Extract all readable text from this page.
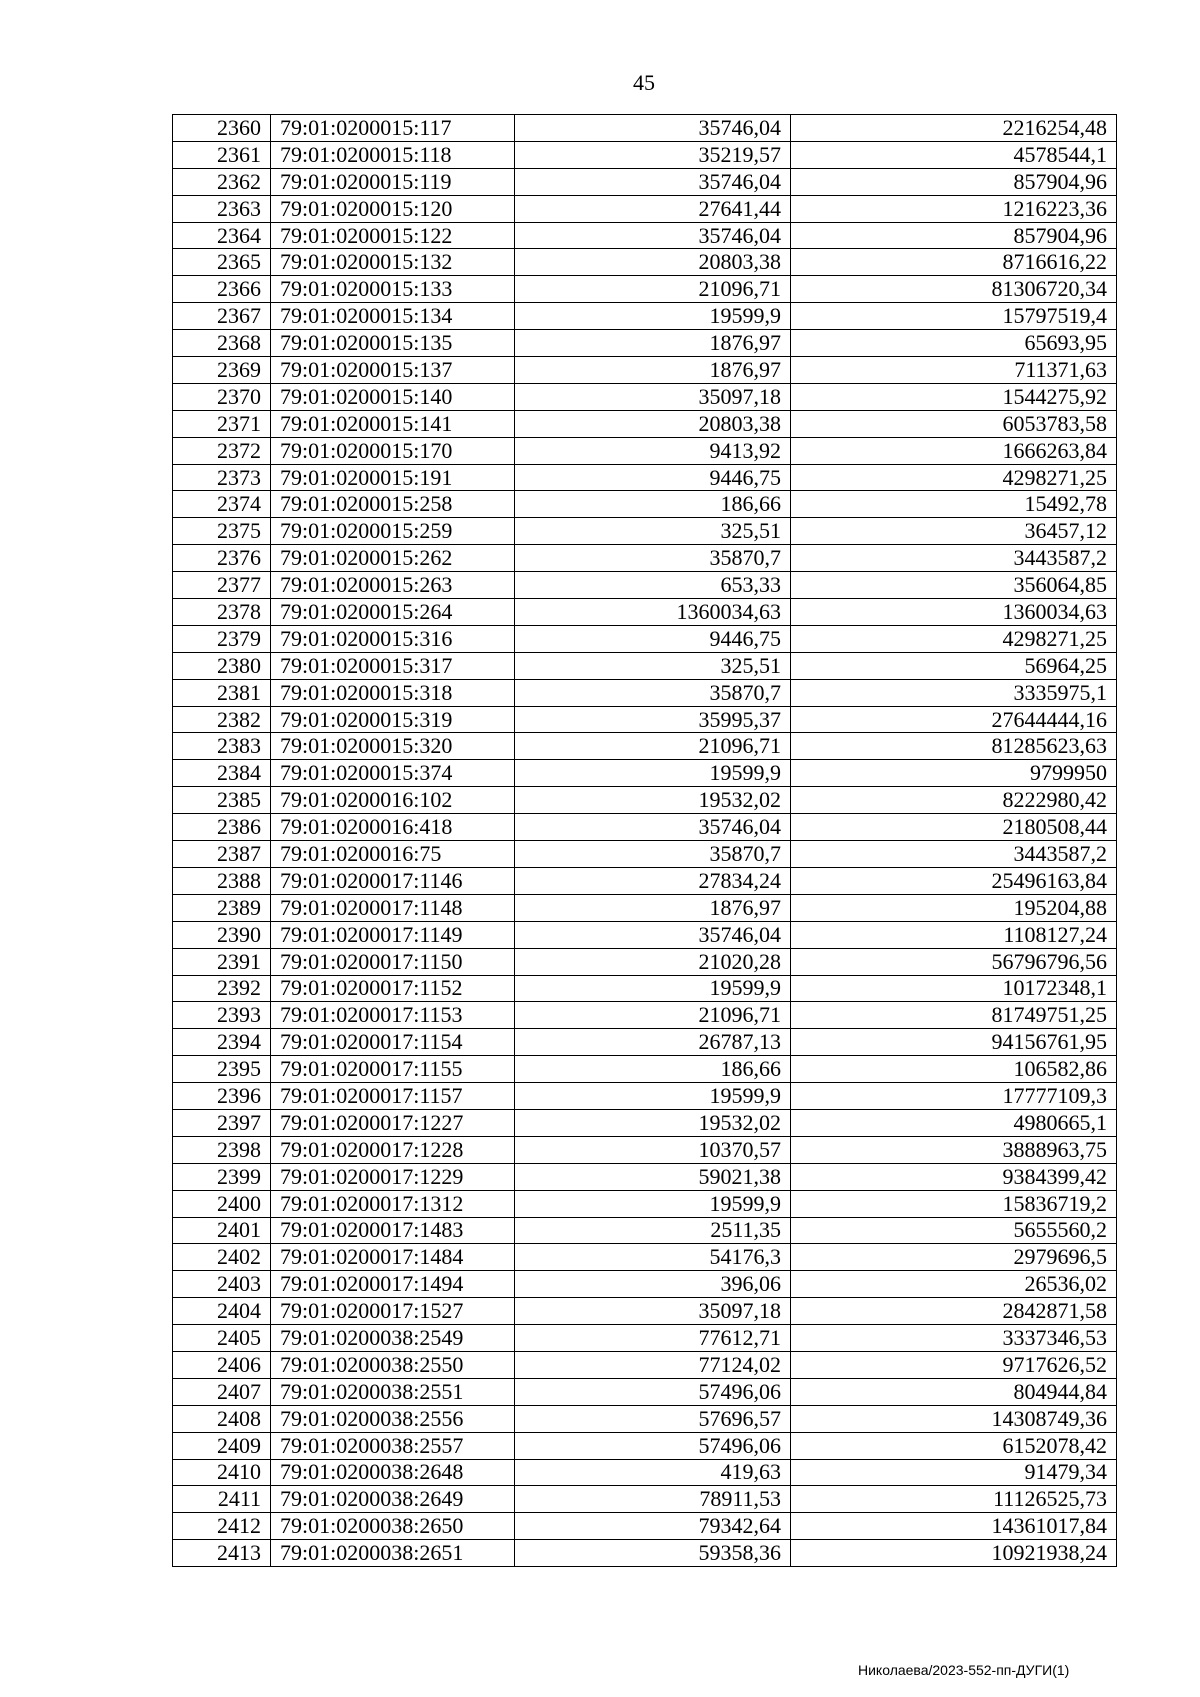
45
2360	79:01:0200015:117	35746,04	2216254,48
2361	79:01:0200015:118	35219,57	4578544,1
2362	79:01:0200015:119	35746,04	857904,96
2363	79:01:0200015:120	27641,44	1216223,36
2364	79:01:0200015:122	35746,04	857904,96
2365	79:01:0200015:132	20803,38	8716616,22
2366	79:01:0200015:133	21096,71	81306720,34
2367	79:01:0200015:134	19599,9	15797519,4
2368	79:01:0200015:135	1876,97	65693,95
2369	79:01:0200015:137	1876,97	711371,63
2370	79:01:0200015:140	35097,18	1544275,92
2371	79:01:0200015:141	20803,38	6053783,58
2372	79:01:0200015:170	9413,92	1666263,84
2373	79:01:0200015:191	9446,75	4298271,25
2374	79:01:0200015:258	186,66	15492,78
2375	79:01:0200015:259	325,51	36457,12
2376	79:01:0200015:262	35870,7	3443587,2
2377	79:01:0200015:263	653,33	356064,85
2378	79:01:0200015:264	1360034,63	1360034,63
2379	79:01:0200015:316	9446,75	4298271,25
2380	79:01:0200015:317	325,51	56964,25
2381	79:01:0200015:318	35870,7	3335975,1
2382	79:01:0200015:319	35995,37	27644444,16
2383	79:01:0200015:320	21096,71	81285623,63
2384	79:01:0200015:374	19599,9	9799950
2385	79:01:0200016:102	19532,02	8222980,42
2386	79:01:0200016:418	35746,04	2180508,44
2387	79:01:0200016:75	35870,7	3443587,2
2388	79:01:0200017:1146	27834,24	25496163,84
2389	79:01:0200017:1148	1876,97	195204,88
2390	79:01:0200017:1149	35746,04	1108127,24
2391	79:01:0200017:1150	21020,28	56796796,56
2392	79:01:0200017:1152	19599,9	10172348,1
2393	79:01:0200017:1153	21096,71	81749751,25
2394	79:01:0200017:1154	26787,13	94156761,95
2395	79:01:0200017:1155	186,66	106582,86
2396	79:01:0200017:1157	19599,9	17777109,3
2397	79:01:0200017:1227	19532,02	4980665,1
2398	79:01:0200017:1228	10370,57	3888963,75
2399	79:01:0200017:1229	59021,38	9384399,42
2400	79:01:0200017:1312	19599,9	15836719,2
2401	79:01:0200017:1483	2511,35	5655560,2
2402	79:01:0200017:1484	54176,3	2979696,5
2403	79:01:0200017:1494	396,06	26536,02
2404	79:01:0200017:1527	35097,18	2842871,58
2405	79:01:0200038:2549	77612,71	3337346,53
2406	79:01:0200038:2550	77124,02	9717626,52
2407	79:01:0200038:2551	57496,06	804944,84
2408	79:01:0200038:2556	57696,57	14308749,36
2409	79:01:0200038:2557	57496,06	6152078,42
2410	79:01:0200038:2648	419,63	91479,34
2411	79:01:0200038:2649	78911,53	11126525,73
2412	79:01:0200038:2650	79342,64	14361017,84
2413	79:01:0200038:2651	59358,36	10921938,24
Николаева/2023-552-пп-ДУГИ(1)
